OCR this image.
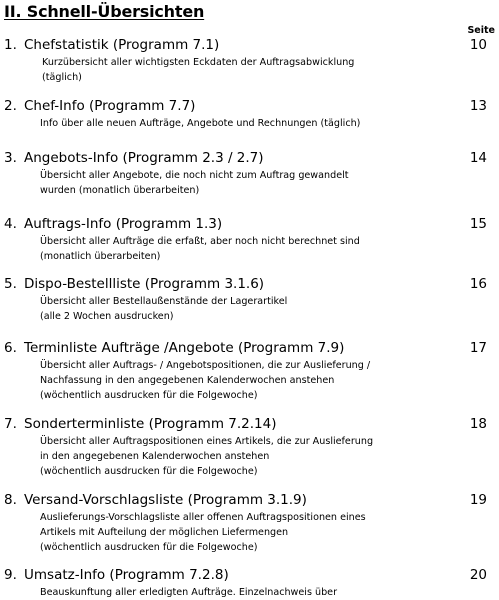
II. Schnell-Übersichten
Seite
1. Chefstatistik (Programm 7.1)	10
Kurzübersicht aller wichtigsten Eckdaten der Auftragsabwicklung
(täglich)
2. Chef-Info (Programm 7.7)	13
Info über alle neuen Aufträge, Angebote und Rechnungen (täglich)
3. Angebots-Info (Programm 2.3 / 2.7)	14
Übersicht aller Angebote, die noch nicht zum Auftrag gewandelt
wurden (monatlich überarbeiten)
4. Auftrags-Info (Programm 1.3)	15
Übersicht aller Aufträge die erfaßt, aber noch nicht berechnet sind
(monatlich überarbeiten)
5. Dispo-Bestellliste (Programm 3.1.6)	16
Übersicht aller Bestellaußenstände der Lagerartikel
(alle 2 Wochen ausdrucken)
6. Terminliste Aufträge /Angebote (Programm 7.9)	17
Übersicht aller Auftrags- / Angebotspositionen, die zur Auslieferung /
Nachfassung in den angegebenen Kalenderwochen anstehen
(wöchentlich ausdrucken für die Folgewoche)
7. Sonderterminliste (Programm 7.2.14)	18
Übersicht aller Auftragspositionen eines Artikels, die zur Auslieferung
in den angegebenen Kalenderwochen anstehen
(wöchentlich ausdrucken für die Folgewoche)
8. Versand-Vorschlagsliste (Programm 3.1.9)	19
Auslieferungs-Vorschlagsliste aller offenen Auftragspositionen eines
Artikels mit Aufteilung der möglichen Liefermengen
(wöchentlich ausdrucken für die Folgewoche)
9. Umsatz-Info (Programm 7.2.8)	20
Beauskunftung aller erledigten Aufträge. Einzelnachweis über
